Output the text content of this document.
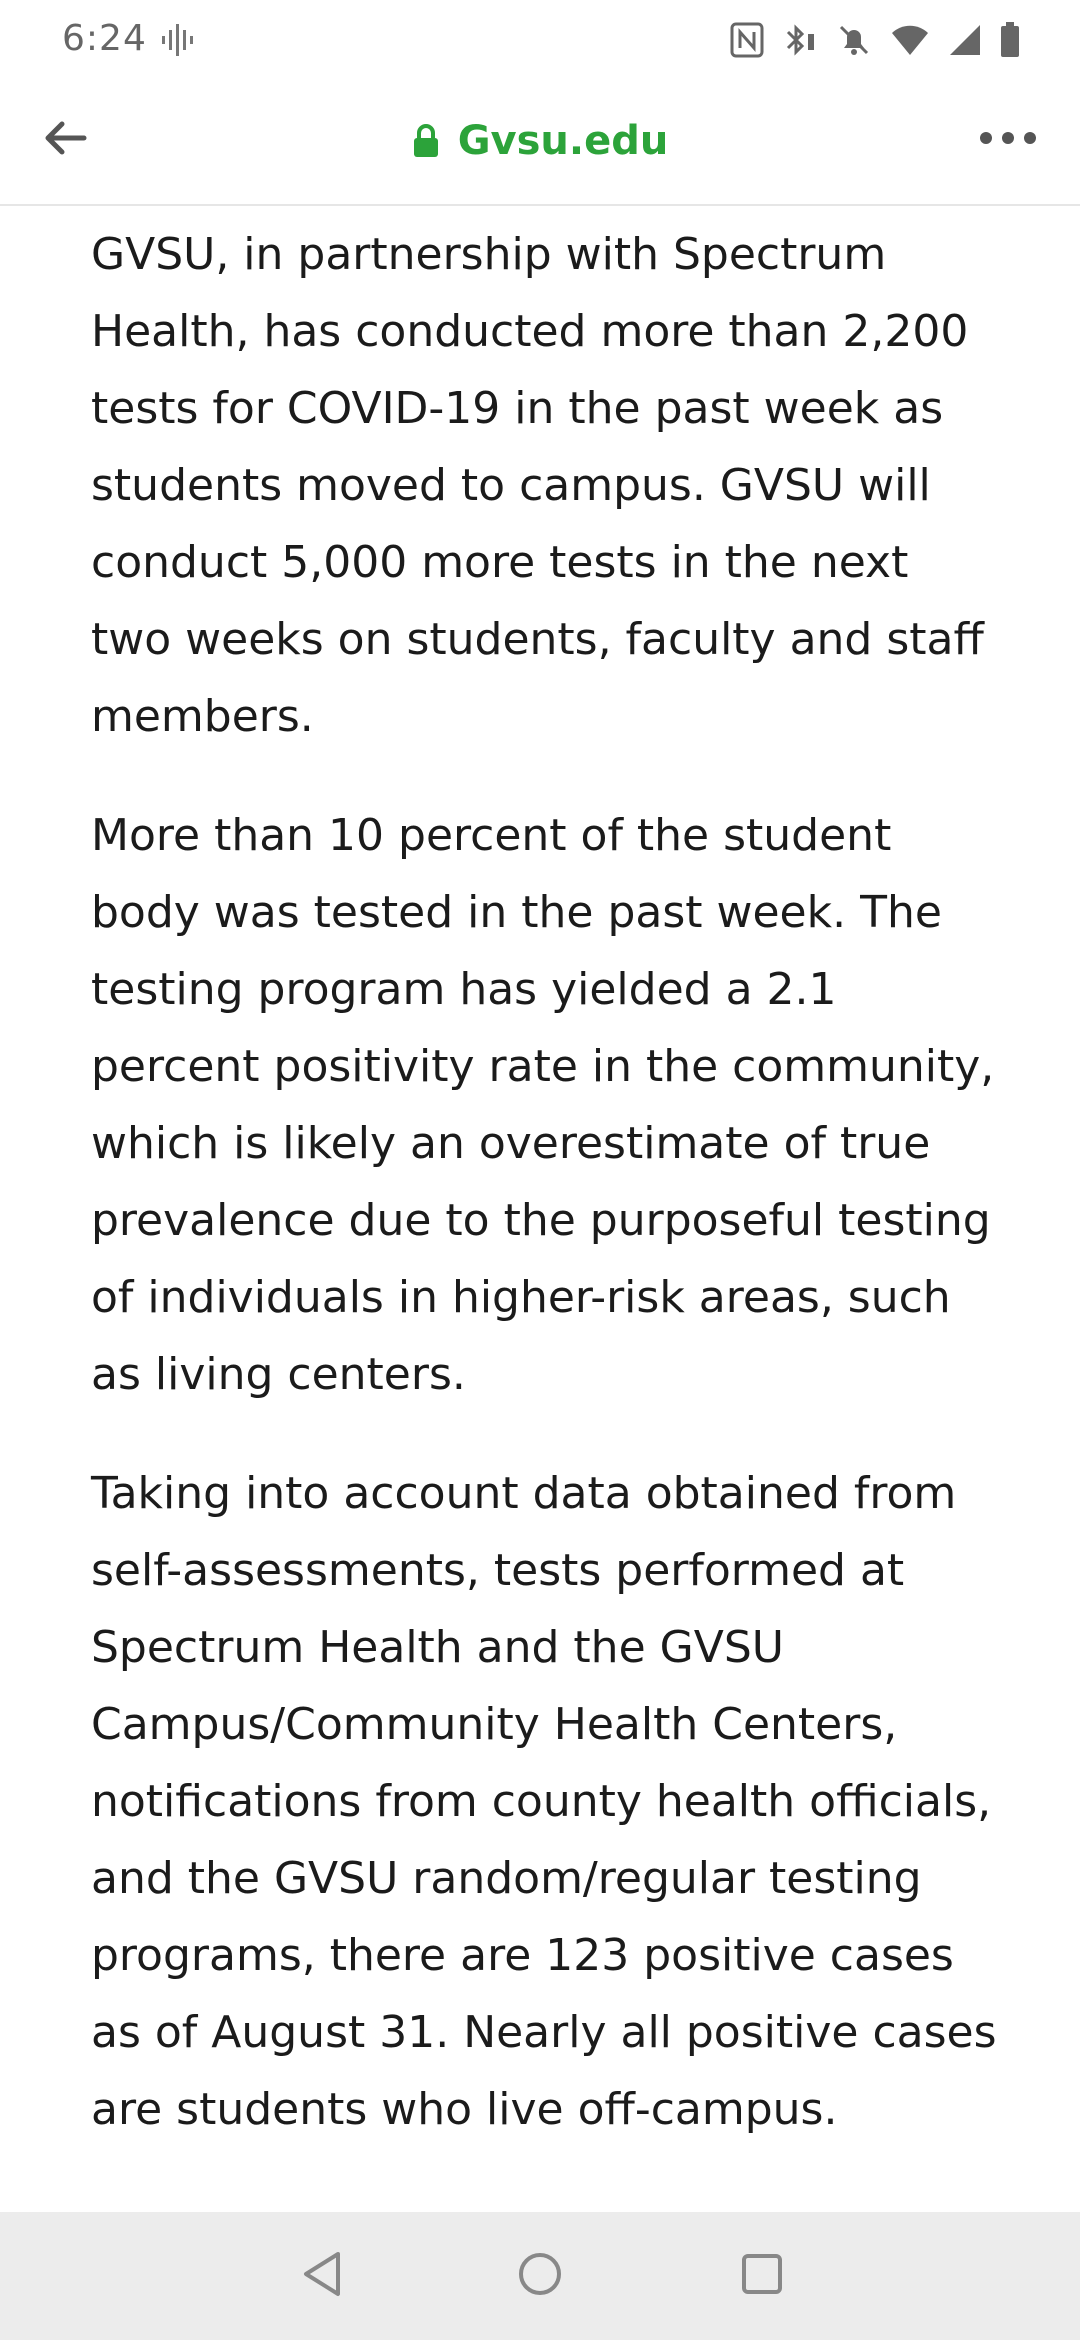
6:24
Gvsu.edu

GVSU, in partnership with Spectrum Health, has conducted more than 2,200 tests for COVID-19 in the past week as students moved to campus. GVSU will conduct 5,000 more tests in the next two weeks on students, faculty and staff members.

More than 10 percent of the student body was tested in the past week. The testing program has yielded a 2.1 percent positivity rate in the community, which is likely an overestimate of true prevalence due to the purposeful testing of individuals in higher-risk areas, such as living centers.

Taking into account data obtained from self-assessments, tests performed at Spectrum Health and the GVSU Campus/Community Health Centers, notifications from county health officials, and the GVSU random/regular testing programs, there are 123 positive cases as of August 31. Nearly all positive cases are students who live off-campus.
